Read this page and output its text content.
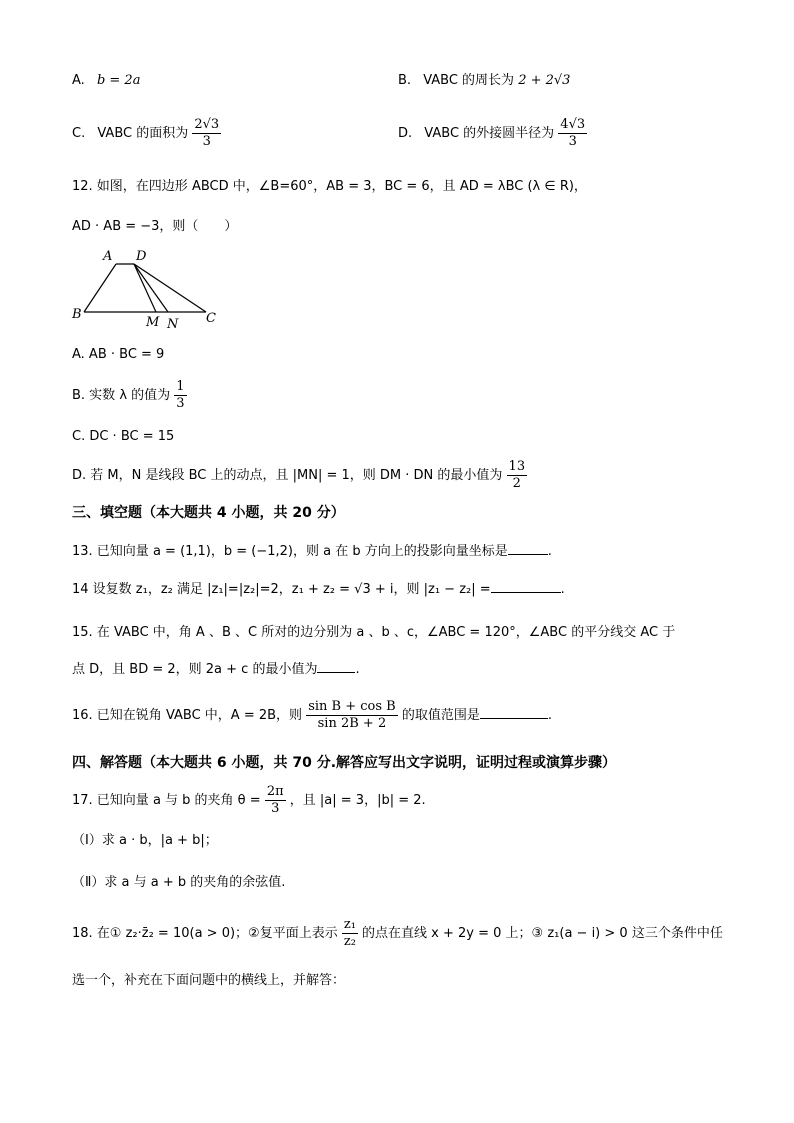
A. b = 2a	B. VABC 的周长为 2 + 2√3
C. VABC 的面积为 $\frac{2√3}{3}$	D. VABC 的外接圆半径为 $\frac{4√3}{3}$
12. 如图，在四边形 ABCD 中，∠B=60°，AB = 3，BC = 6，且 AD = λBC (λ ∈ R)，
AD · AB = −3，则（　　）
A D
B
M N C
A. AB · BC = 9
B. 实数 λ 的值为 $\frac{1}{3}$
C. DC · BC = 15
D. 若 M，N 是线段 BC 上的动点，且 |MN| = 1，则 DM · DN 的最小值为 $\frac{13}{2}$
三、填空题（本大题共 4 小题，共 20 分）
13. 已知向量 a = (1,1)，b = (−1,2)，则 a 在 b 方向上的投影向量坐标是	.
14 设复数 z₁，z₂ 满足 |z₁|=|z₂|=2，z₁ + z₂ = √3 + i，则 |z₁ − z₂| =	.
15. 在 VABC 中，角 A 、B 、C 所对的边分别为 a 、b 、c，∠ABC = 120°，∠ABC 的平分线交 AC 于
点 D，且 BD = 2，则 2a + c 的最小值为	.
16. 已知在锐角 VABC 中，A = 2B，则 $\frac{\text{sin B + cos B}}{\sin 2B + 2}$ 的取值范围是	.
四、解答题（本大题共 6 小题，共 70 分.解答应写出文字说明，证明过程或演算步骤）
17. 已知向量 a 与 b 的夹角 $\theta = \frac{2\pi}{3}$ ，且 |a| = 3，|b| = 2.
（Ⅰ）求 a · b，|a + b|；
（Ⅱ）求 a 与 a + b 的夹角的余弦值.
18. 在① z₂·z̄₂ = 10(a > 0)；②复平面上表示 $\frac{\text{z₁}}{\text{z₂}}$ 的点在直线 x + 2y = 0 上；③ z₁(a − i) > 0 这三个条件中任
选一个，补充在下面问题中的横线上，并解答：
